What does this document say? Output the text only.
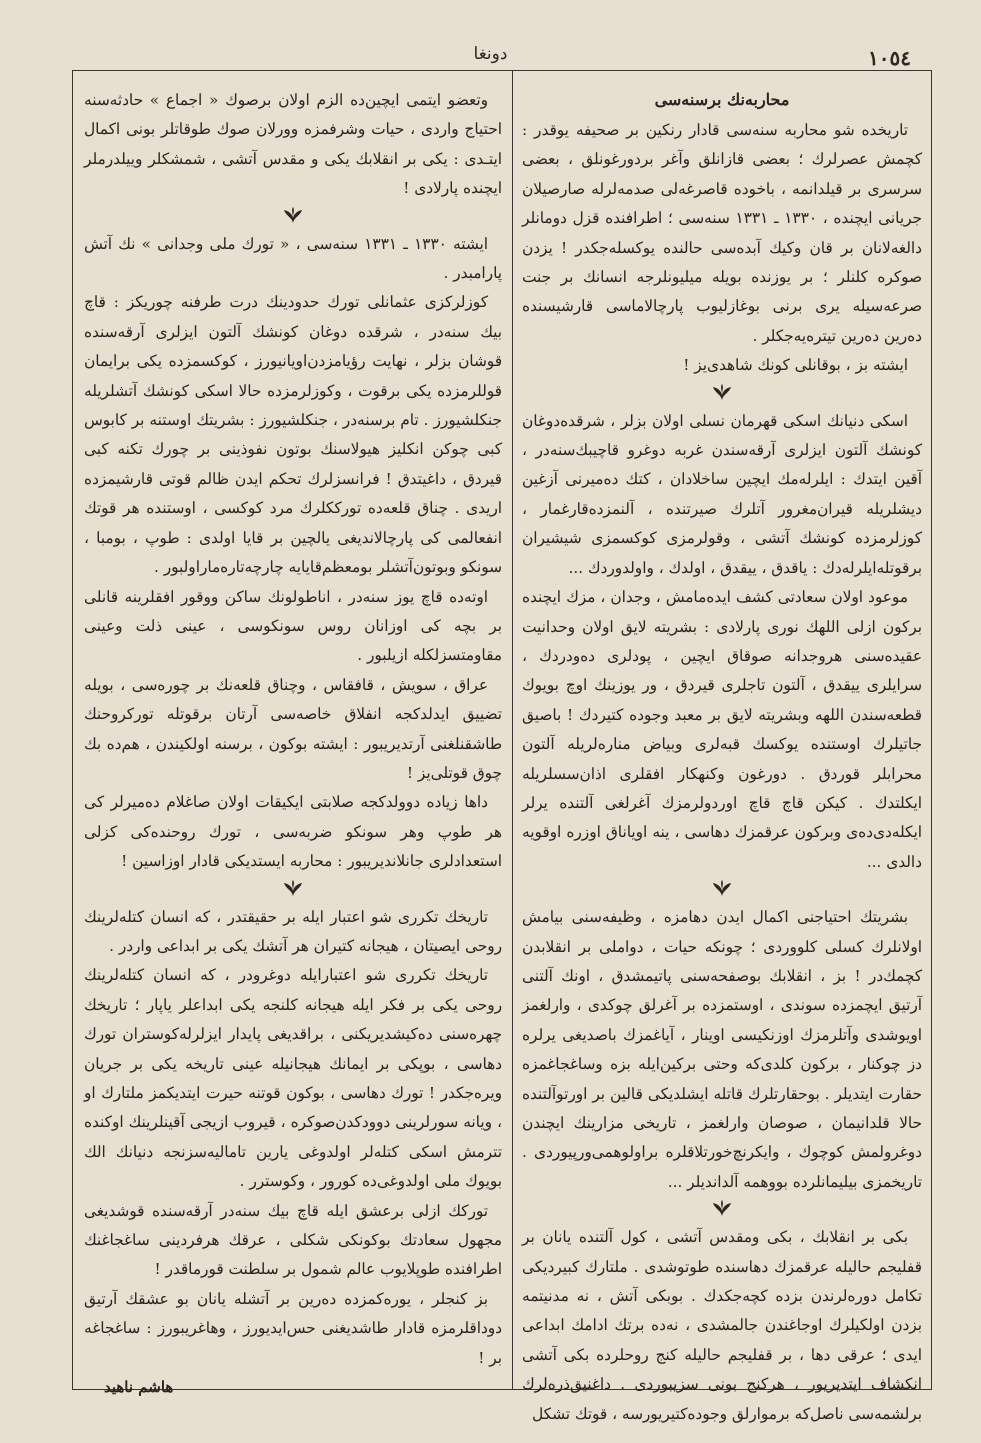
١٠٥٤
دونغا
محاربه‌نك برسنه‌سى

تاريخده شو محاربه سنه‌سى قادار رنكين بر صحيفه يوقدر : كچمش عصرلرك ؛ بعضى قازانلق وآغر بردورغونلق ، بعضى سرسرى بر قيلدانمه ، باخوده قاصرغه‌لى صدمه‌لرله صارصيلان جريانى ايچنده ، ١٣٣٠ ـ ١٣٣١ سنه‌سى ؛ اطرافنده قزل دومانلر دالغه‌لانان بر قان وكيك آبده‌سى حالنده يوكسله‌جكدر ! يزدن صوكره كلنلر ؛ بر يوزنده بويله ميليونلرجه انسانك بر جنت صرعه‌سيله يرى برنى بوغازليوب پارچالاماسى قارشيسنده ده‌رين دەرين تيتره‌يه‌جكلر .

ايشته بز ، بوقانلى كونك شاهدى‌يز !

اسكى دنيانك اسكى قهرمان نسلى اولان بزلر ، شرقده‌دوغان كونشك آلتون ايزلرى آرقه‌سندن غربه دوغرو قاچيبك‌سنه‌در ، آقين ايتدك : ايلرله‌مك ايچين ساخلادان ، كتك دەميرنى آزغين ديشلريله قيران‌مغرور آتلرك صيرتنده ، آلنمزده‌قارغمار ، كوزلرمزده كونشك آتشى ، وقولرمزى كوكسمزى شيشيران برقوتله‌ايلرله‌دك : ياقدق ، ييقدق ، اولدك ، واولدوردك ...

موعود اولان سعادتى كشف ايده‌مامش ، وجدان ، مزك ايچنده بركون ازلى اللهك نورى پارلادى : بشريته لايق اولان وحدانيت عقيده‌سنى هروجدانه صوقاق ايچين ، پودلرى ده‌ودردك ، سرايلرى ييقدق ، آلتون تاجلرى قيردق ، ور يوزينك اوچ بويوك قطعه‌سندن اللهه وبشريته لايق بر معبد وجوده كتيردك ! باصيق جاتيلرك اوستنده يوكسك قبه‌لرى وبياض مناره‌لريله آلتون محرابلر قوردق . دورغون وكنهكار افقلرى اذان‌سسلريله ايكلتدك . كيكن قاچ قاچ اوردولرمزك آغرلغى آلتنده يرلر ايكله‌دى‌ده‌ى وبركون عرقمزك دهاسى ، ينه اوياناق اوزره اوقويه دالدى ...

بشريتك احتياجنى اكمال ايدن دهامزه ، وظيفه‌سنى بيامش اولانلرك كسلى كلووردى ؛ چونكه حيات ، دواملى بر انقلابدن كچمك‌در ! بز ، انقلابك بوصفحه‌سنى پاتيمشدق ، اونك آلتنى آرتيق ايچمزده سوندى ، اوستمزده بر آغرلق چوكدى ، وارلغمز اويوشدى وآتلرمزك اوزنكيسى اوينار ، آياغمزك باصديغى يرلره دز چوكنار ، بركون كلدى‌كه وحتى بركين‌ايله بزه وساغجاغمزه حقارت ايتديلر . بوحقارتلرك قاتله ايشلديكى قالين بر اورتو‌آلتنده حالا قلدانيمان ، صوصان وارلغمز ، تاريخى مزارينك ايچندن دوغرولمش كوچوك ، وايكرنچ‌خورتلاقلره براولوهمى‌ورپيوردى . تاريخمزى بيليمانلرده بووهمه آلدانديلر ...

بكى بر انقلابك ، بكى ومقدس آتشى ، كول آلتنده يانان بر قفليجم حاليله عرقمزك دهاسنده طوتوشدى . ملتارك كبيرديكى تكامل دوره‌لرندن بزده كچه‌جكدك . بوبكى آتش ، نه مدنيتمه بزدن اولكيلرك اوجاغندن جالمشدى ، نه‌ده برتك ادامك ابداعى ايدى ؛ عرقى دها ، بر قفليجم حاليله كنج روحلرده بكى آتشى انكشاف ايتديريور ، هركنج بونى سزيبوردى . داغنيق‌ذره‌لرك برلشمه‌سى ناصل‌كه برموارلق وجوده‌كتيريورسه ، قوتك تشكل

وتعضو ايتمى ايچين‌ده الزم اولان برصوك « اجماع » حادثه‌سنه احتياج واردى ، حيات وشرفمزه وورلان صوك طوقاتلر بونى اكمال ايتـدى : يكى بر انقلابك يكى و مقدس آتشى ، شمشكلر وييلدرملر ايچنده پارلادى !

ايشته ١٣٣٠ ـ ١٣٣١ سنه‌سى ، « تورك ملى وجدانى » نك آتش پارامبدر .

كوزلركزى عثمانلى تورك حدودينك درت طرفنه چوريكز : قاچ بيك سنه‌در ، شرقده دوغان كونشك آلتون ايزلرى آرقه‌سنده قوشان بزلر ، نهايت رؤيامزدن‌اويانيورز ، كوكسمزده يكى برايمان قوللرمزده يكى برقوت ، وكوزلرمزده حالا اسكى كونشك آتشلريله جنكلشيورز . تام برسنه‌در ، جنكلشيورز : بشريتك اوستنه بر كابوس كبى چوكن انكليز هيولاسنك بوتون نفوذينى بر چورك تكنه كبى قيردق ، داغيتدق ! فرانسزلرك تحكم ايدن ظالم قوتى قارشيمزده اريدى . چناق قلعه‌ده تورككلرك مرد كوكسى ، اوستنده هر قوتك انفعالمى كى پارچالانديغى يالچين بر قايا اولدى : طوپ ، بومبا ، سونكو وبوتون‌آتشلر بومعظم‌قايايه چارچه‌تاره‌ماراولبور .

اوته‌ده قاچ يوز سنه‌در ، اناطولونك ساكن ووقور افقلرينه قانلى بر بچه كى اوزانان روس سونكوسى ، عينى ذلت وعينى مقاومتسزلكله ازيلبور .

عراق ، سويش ، قافقاس ، وچناق قلعه‌نك بر چوره‌سى ، بويله تضييق ايدلدكجه انفلاق خاصه‌سى آرتان برقوتله توركروحنك طاشقنلغنى آرتديريبور : ايشته بوكون ، برسنه اولكيندن ، هم‌ده بك چوق قوتلى‌يز !

داها زياده دوولدكجه صلابتى ايكيقات اولان صاغلام ده‌ميرلر كى هر طوپ وهر سونكو ضربه‌سى ، تورك روحنده‌كى كزلى استعدادلرى جانلانديريبور : محاربه ايستديكى قادار اوزاسين !

تاريخك تكررى شو اعتبار ايله بر حقيقتدر ، كه انسان كتله‌لرينك روحى ايصيتان ، هيجانه كتيران هر آتشك يكى بر ابداعى واردر .

تاريخك تكررى شو اعتبارايله دوغرودر ، كه انسان كتله‌لرينك روحى يكى بر فكر ايله هيجانه كلنجه يكى ابداعلر ياپار ؛ تاريخك چهره‌سنى ده‌كيشديريكنى ، براقديغى پايدار ايزلرله‌كوستران تورك دهاسى ، بوپكى بر ايمانك هيجانيله عينى تاريخه يكى بر جريان ويره‌جكدر ! تورك دهاسى ، بوكون قوتنه حيرت ايتديكمز ملتارك او ، ويانه سورلرينى دوودكدن‌صوكره ، قيروب ازيجى آقينلرينك اوكنده تترمش اسكى كتله‌لر اولدوغى يارين تاماليه‌سزنجه دنيانك الك بويوك ملى اولدوغى‌ده كورور ، وكوسترر .

توركك ازلى برعشق ايله قاچ بيك سنه‌در آرقه‌سنده قوشديغى مجهول سعادتك بوكونكى شكلى ، عرقك هرفردينى ساغجاغنك اطرافنده طوپلايوب عالم شمول بر سلطنت قورماقدر !

بز كنجلر ، يوره‌كمزده دەرين بر آتشله يانان بو عشقك آرتيق دوداقلرمزه قادار طاشديغنى حس‌ايديورز ، وهاغريبورز : ساغجاغه بر !

هاشم ناهيد
